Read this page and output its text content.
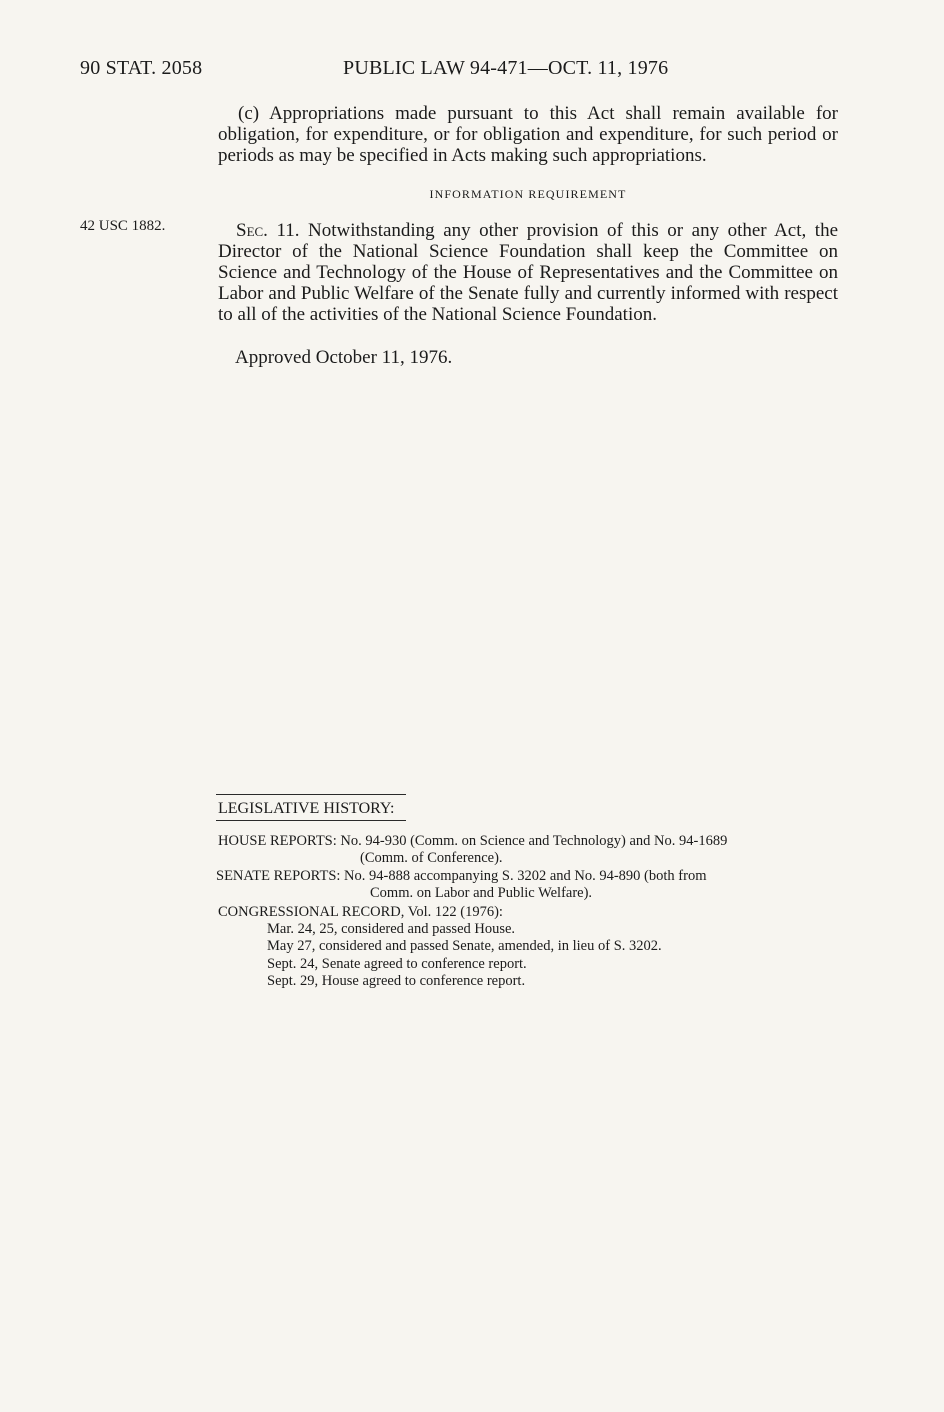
90 STAT. 2058	PUBLIC LAW 94-471—OCT. 11, 1976
(c) Appropriations made pursuant to this Act shall remain available for obligation, for expenditure, or for obligation and expenditure, for such period or periods as may be specified in Acts making such appropriations.
INFORMATION REQUIREMENT
42 USC 1882.	Sec. 11. Notwithstanding any other provision of this or any other Act, the Director of the National Science Foundation shall keep the Committee on Science and Technology of the House of Representatives and the Committee on Labor and Public Welfare of the Senate fully and currently informed with respect to all of the activities of the National Science Foundation.
Approved October 11, 1976.
LEGISLATIVE HISTORY:
HOUSE REPORTS: No. 94-930 (Comm. on Science and Technology) and No. 94-1689
(Comm. of Conference).
SENATE REPORTS: No. 94-888 accompanying S. 3202 and No. 94-890 (both from
Comm. on Labor and Public Welfare).
CONGRESSIONAL RECORD, Vol. 122 (1976):
Mar. 24, 25, considered and passed House.
May 27, considered and passed Senate, amended, in lieu of S. 3202.
Sept. 24, Senate agreed to conference report.
Sept. 29, House agreed to conference report.
